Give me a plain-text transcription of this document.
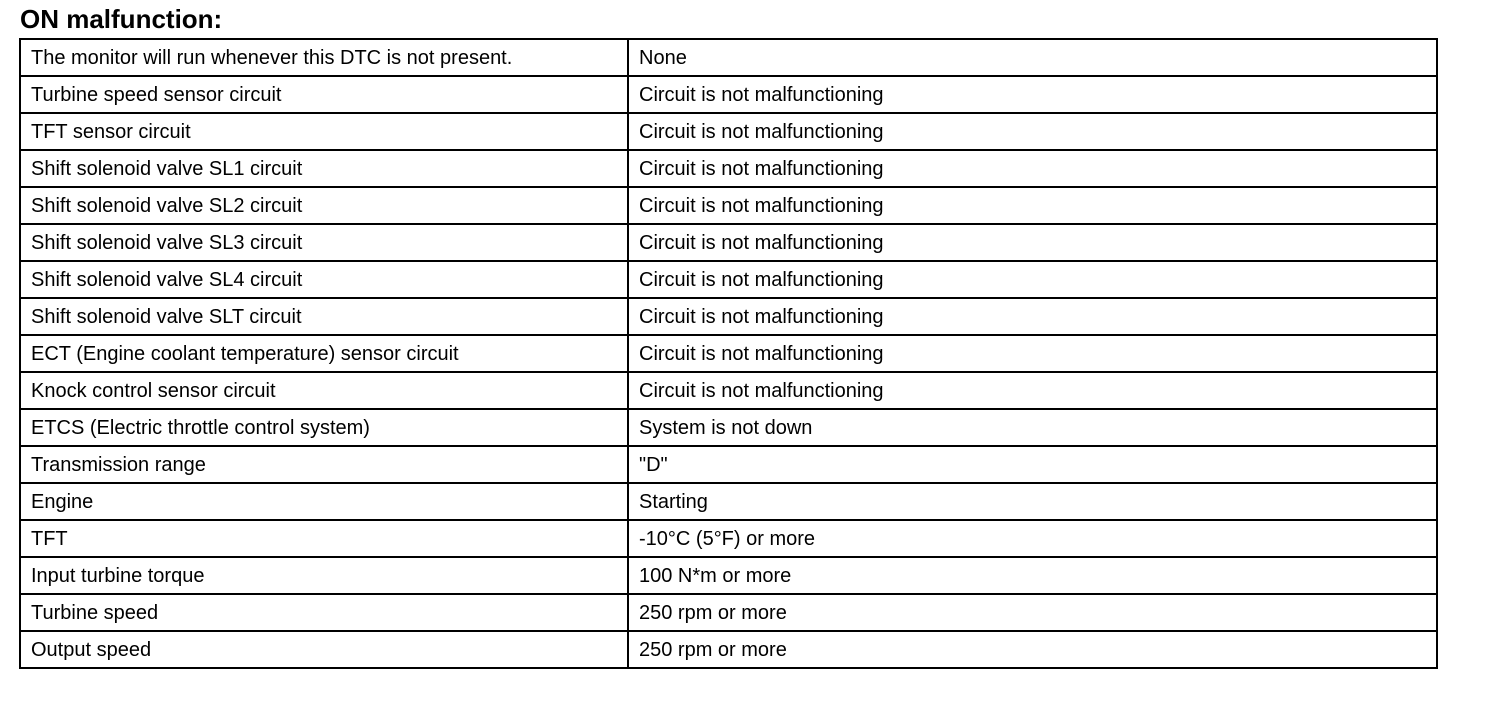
ON malfunction:
The monitor will run whenever this DTC is not present.	None
Turbine speed sensor circuit	Circuit is not malfunctioning
TFT sensor circuit	Circuit is not malfunctioning
Shift solenoid valve SL1 circuit	Circuit is not malfunctioning
Shift solenoid valve SL2 circuit	Circuit is not malfunctioning
Shift solenoid valve SL3 circuit	Circuit is not malfunctioning
Shift solenoid valve SL4 circuit	Circuit is not malfunctioning
Shift solenoid valve SLT circuit	Circuit is not malfunctioning
ECT (Engine coolant temperature) sensor circuit	Circuit is not malfunctioning
Knock control sensor circuit	Circuit is not malfunctioning
ETCS (Electric throttle control system)	System is not down
Transmission range	"D"
Engine	Starting
TFT	-10°C (5°F) or more
Input turbine torque	100 N*m or more
Turbine speed	250 rpm or more
Output speed	250 rpm or more
